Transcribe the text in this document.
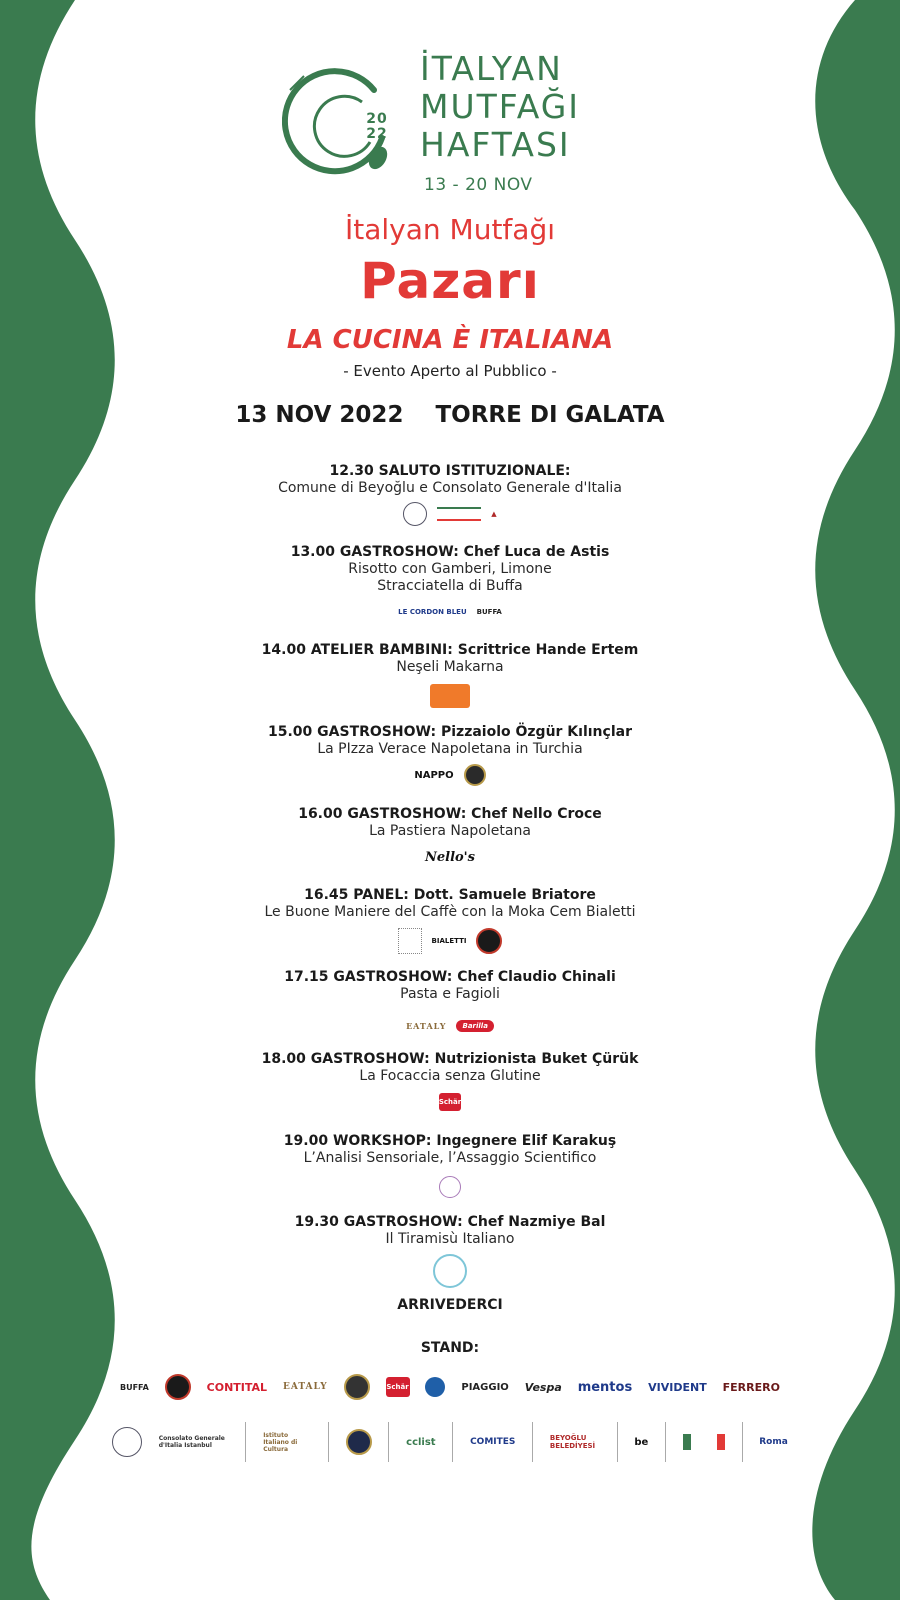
20
22
İTALYAN
MUTFAĞI
HAFTASI
13 - 20 NOV
İtalyan Mutfağı
Pazarı
LA CUCINA È ITALIANA
- Evento Aperto al Pubblico -
13 NOV 2022 TORRE DI GALATA
12.30 SALUTO ISTITUZIONALE:
Comune di Beyoğlu e Consolato Generale d'Italia
▲
13.00 GASTROSHOW: Chef Luca de Astis
Risotto con Gamberi, Limone
Stracciatella di Buffa
LE CORDON BLEU BUFFA
14.00 ATELIER BAMBINI: Scrittrice Hande Ertem
Neşeli Makarna
15.00 GASTROSHOW: Pizzaiolo Özgür Kılınçlar
La PIzza Verace Napoletana in Turchia
NAPPO
16.00 GASTROSHOW: Chef Nello Croce
La Pastiera Napoletana
Nello's
16.45 PANEL: Dott. Samuele Briatore
Le Buone Maniere del Caffè con la Moka Cem Bialetti
BIALETTI
17.15 GASTROSHOW: Chef Claudio Chinali
Pasta e Fagioli
EATALY	Barilla
18.00 GASTROSHOW: Nutrizionista Buket Çürük
La Focaccia senza Glutine
Schär
19.00 WORKSHOP: Ingegnere Elif Karakuş
L’Analisi Sensoriale, l’Assaggio Scientifico
19.30 GASTROSHOW: Chef Nazmiye Bal
Il Tiramisù Italiano
ARRIVEDERCI
STAND:
BUFFA	CONTITAL EATALY	Schär	PIAGGIO Vespa mentos VIVIDENT FERRERO
Consolato Generale d'Italia Istanbul
Istituto Italiano di Cultura
cclist	COMITES	BEYOĞLU BELEDİYESİ	be	Roma
